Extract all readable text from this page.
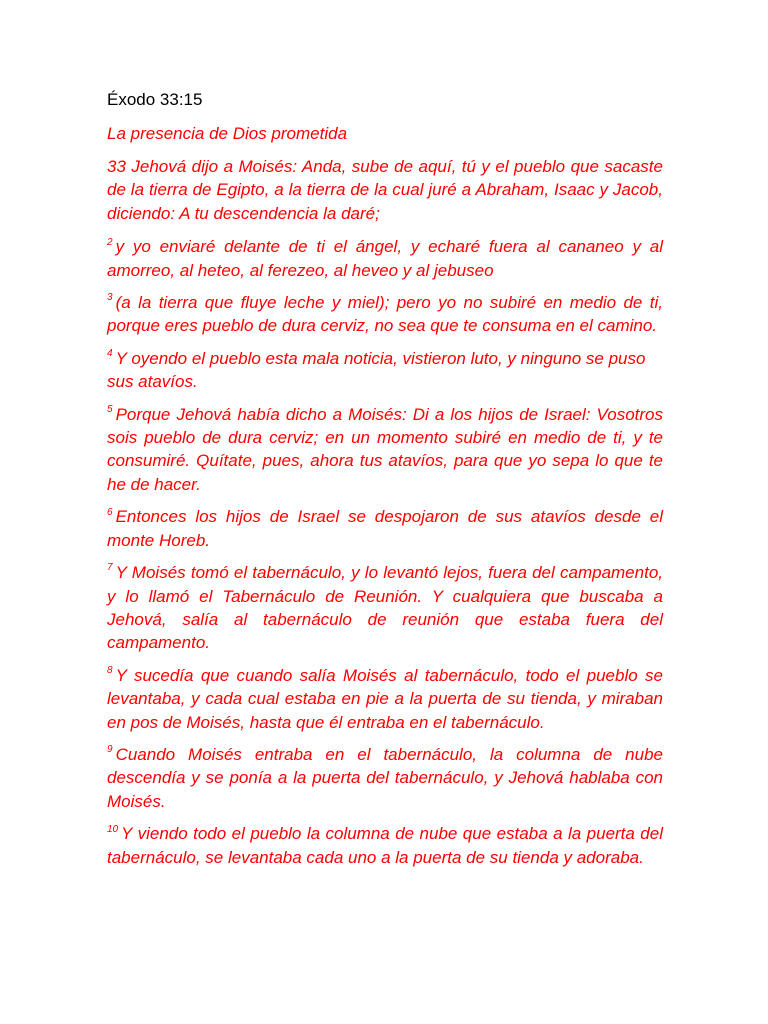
Éxodo 33:15

La presencia de Dios prometida

33 Jehová dijo a Moisés: Anda, sube de aquí, tú y el pueblo que sacaste de la tierra de Egipto, a la tierra de la cual juré a Abraham, Isaac y Jacob, diciendo: A tu descendencia la daré;

$^2$ y yo enviaré delante de ti el ángel, y echaré fuera al cananeo y al amorreo, al heteo, al ferezeo, al heveo y al jebuseo

$^3$ (a la tierra que fluye leche y miel); pero yo no subiré en medio de ti, porque eres pueblo de dura cerviz, no sea que te consuma en el camino.

$^4$ Y oyendo el pueblo esta mala noticia, vistieron luto, y ninguno se puso sus atavíos.

$^5$ Porque Jehová había dicho a Moisés: Di a los hijos de Israel: Vosotros sois pueblo de dura cerviz; en un momento subiré en medio de ti, y te consumiré. Quítate, pues, ahora tus atavíos, para que yo sepa lo que te he de hacer.

$^6$ Entonces los hijos de Israel se despojaron de sus atavíos desde el monte Horeb.

$^7$ Y Moisés tomó el tabernáculo, y lo levantó lejos, fuera del campamento, y lo llamó el Tabernáculo de Reunión. Y cualquiera que buscaba a Jehová, salía al tabernáculo de reunión que estaba fuera del campamento.

$^8$ Y sucedía que cuando salía Moisés al tabernáculo, todo el pueblo se levantaba, y cada cual estaba en pie a la puerta de su tienda, y miraban en pos de Moisés, hasta que él entraba en el tabernáculo.

$^9$ Cuando Moisés entraba en el tabernáculo, la columna de nube descendía y se ponía a la puerta del tabernáculo, y Jehová hablaba con Moisés.

$^{10}$ Y viendo todo el pueblo la columna de nube que estaba a la puerta del tabernáculo, se levantaba cada uno a la puerta de su tienda y adoraba.
